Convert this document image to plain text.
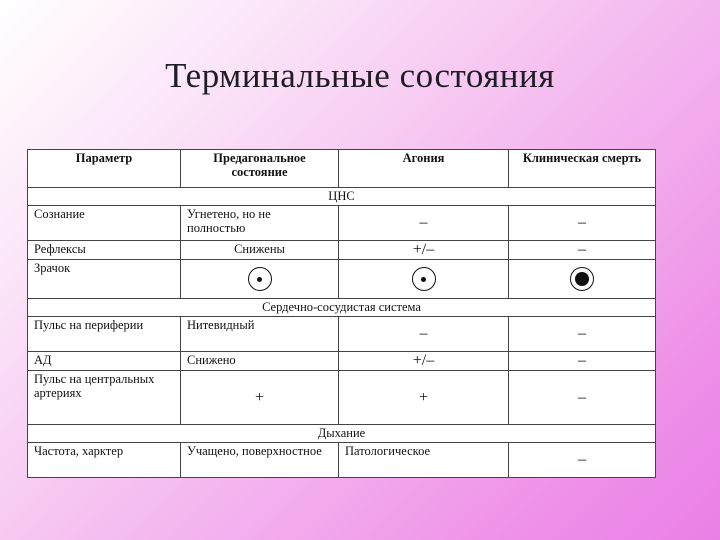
Терминальные состояния
Параметр	Предагональное состояние	Агония	Клиническая смерть
ЦНС			
Сознание	Угнетено, но не полностью	–	–
Рефлексы	Снижены	+/–	–
Зрачок	

Сердечно-сосудистая система			
Пульс на периферии	Нитевидный	–	–
АД	Снижено	+/–	–
Пульс на центральных артериях	+	+	–
Дыхание			
Частота, харктер	Учащено, поверхностное	Патологическое	–
